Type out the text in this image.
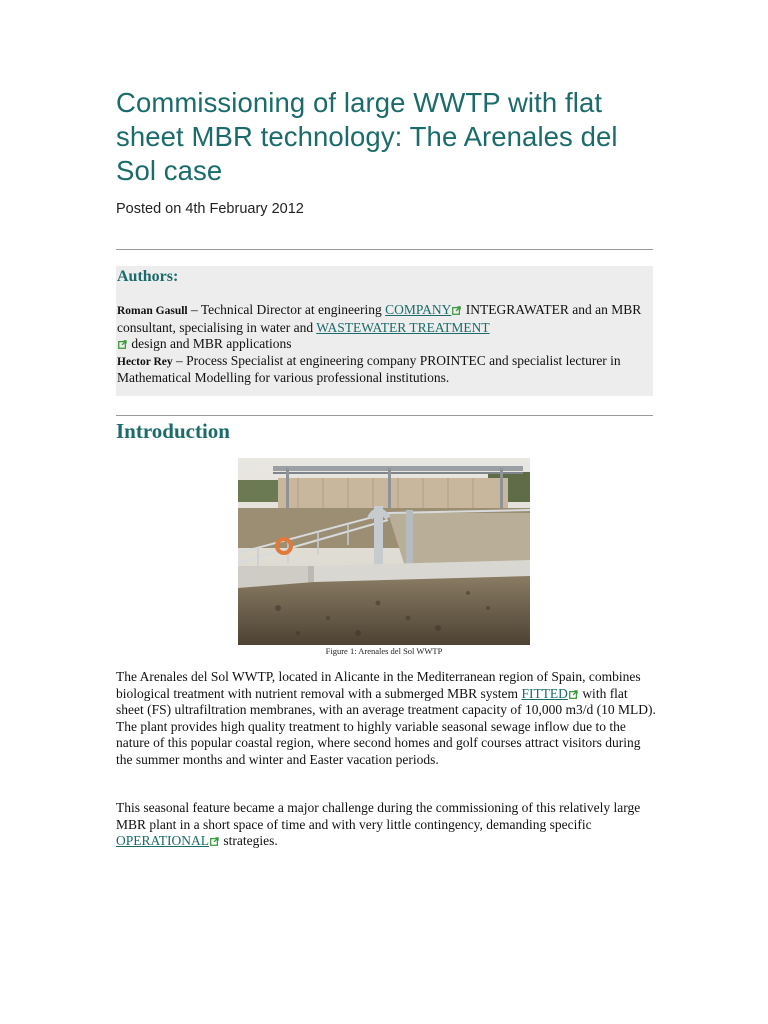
Commissioning of large WWTP with flat sheet MBR technology: The Arenales del Sol case
Posted on 4th February 2012
Authors:
Roman Gasull – Technical Director at engineering COMPANY INTEGRAWATER and an MBR consultant, specialising in water and WASTEWATER TREATMENT
design and MBR applications
Hector Rey – Process Specialist at engineering company PROINTEC and specialist lecturer in Mathematical Modelling for various professional institutions.
Introduction
Figure 1: Arenales del Sol WWTP

The Arenales del Sol WWTP, located in Alicante in the Mediterranean region of Spain, combines biological treatment with nutrient removal with a submerged MBR system FITTED with flat sheet (FS) ultrafiltration membranes, with an average treatment capacity of 10,000 m3/d (10 MLD). The plant provides high quality treatment to highly variable seasonal sewage inflow due to the nature of this popular coastal region, where second homes and golf courses attract visitors during the summer months and winter and Easter vacation periods.

This seasonal feature became a major challenge during the commissioning of this relatively large MBR plant in a short space of time and with very little contingency, demanding specific OPERATIONAL strategies.
